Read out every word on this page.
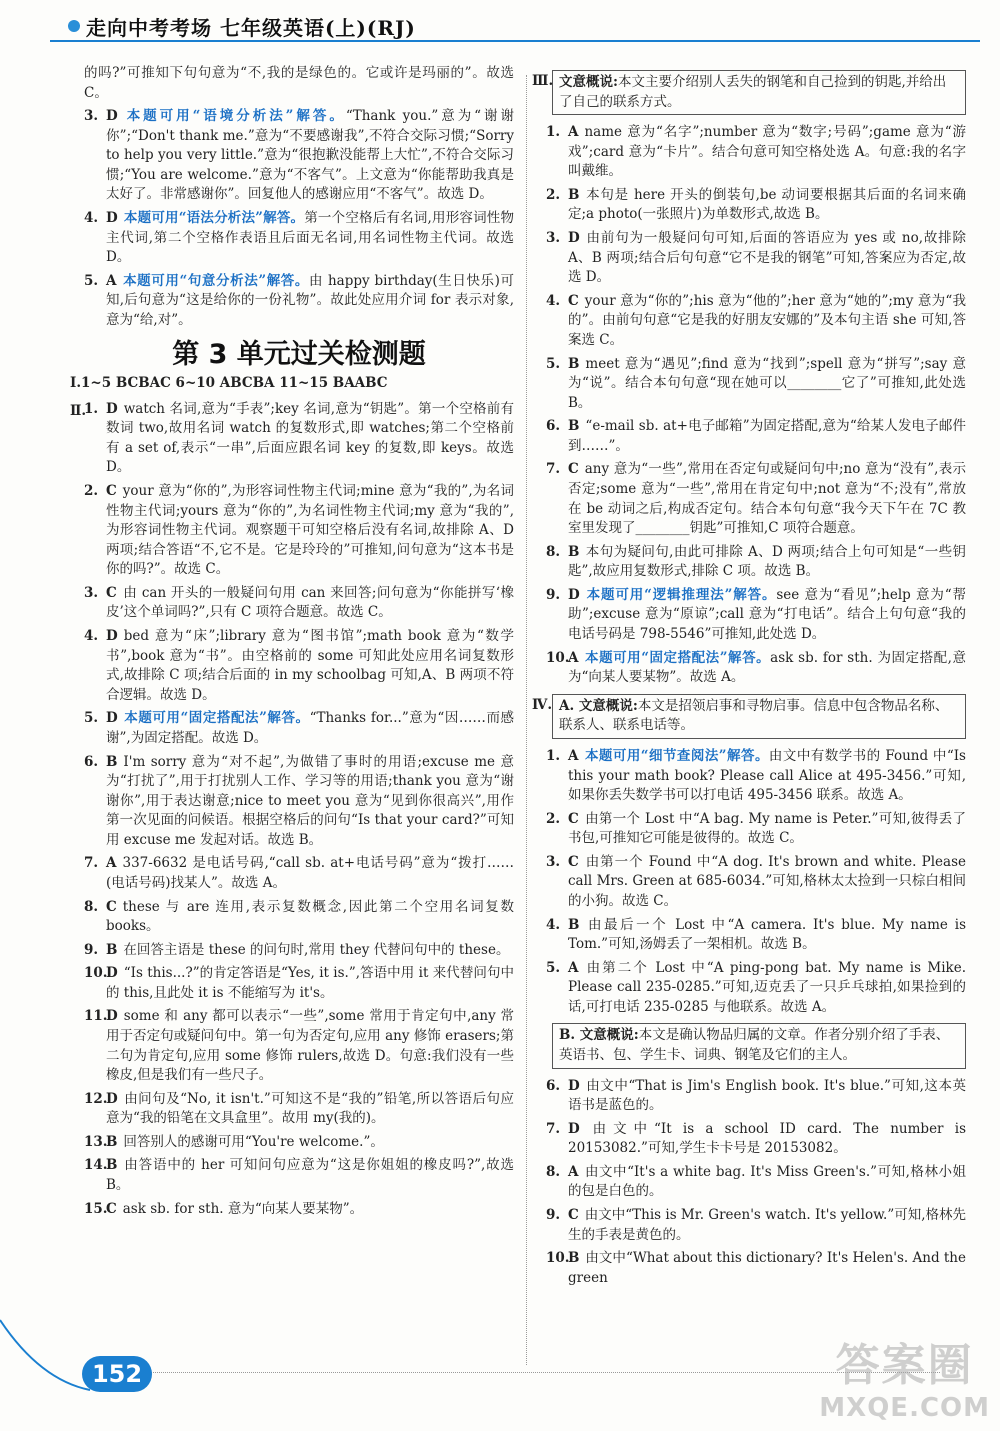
走向中考考场 七年级英语(上)(RJ)

的吗?”可推知下句句意为“不,我的是绿色的。它或许是玛丽的”。故选 C。

3. D 本题可用“语境分析法”解答。“Thank you.”意为“谢谢你”;“Don't thank me.”意为“不要感谢我”,不符合交际习惯;“Sorry to help you very little.”意为“很抱歉没能帮上大忙”,不符合交际习惯;“You are welcome.”意为“不客气”。上文意为“你能帮助我真是太好了。非常感谢你”。回复他人的感谢应用“不客气”。故选 D。
4. D 本题可用“语法分析法”解答。第一个空格后有名词,用形容词性物主代词,第二个空格作表语且后面无名词,用名词性物主代词。故选 D。
5. A 本题可用“句意分析法”解答。由 happy birthday(生日快乐)可知,后句意为“这是给你的一份礼物”。故此处应用介词 for 表示对象,意为“给,对”。
第 3 单元过关检测题
Ⅰ.1~5 BCBAC 6~10 ABCBA 11~15 BAABC
Ⅱ.
1. D watch 名词,意为“手表”;key 名词,意为“钥匙”。第一个空格前有数词 two,故用名词 watch 的复数形式,即 watches;第二个空格前有 a set of,表示“一串”,后面应跟名词 key 的复数,即 keys。故选 D。
2. C your 意为“你的”,为形容词性物主代词;mine 意为“我的”,为名词性物主代词;yours 意为“你的”,为名词性物主代词;my 意为“我的”,为形容词性物主代词。观察题干可知空格后没有名词,故排除 A、D 两项;结合答语“不,它不是。它是玲玲的”可推知,问句意为“这本书是你的吗?”。故选 C。
3. C 由 can 开头的一般疑问句用 can 来回答;问句意为“你能拼写‘橡皮’这个单词吗?”,只有 C 项符合题意。故选 C。
4. D bed 意为“床”;library 意为“图书馆”;math book 意为“数学书”,book 意为“书”。由空格前的 some 可知此处应用名词复数形式,故排除 C 项;结合后面的 in my schoolbag 可知,A、B 两项不符合逻辑。故选 D。
5. D 本题可用“固定搭配法”解答。“Thanks for...”意为“因……而感谢”,为固定搭配。故选 D。
6. B I'm sorry 意为“对不起”,为做错了事时的用语;excuse me 意为“打扰了”,用于打扰别人工作、学习等的用语;thank you 意为“谢谢你”,用于表达谢意;nice to meet you 意为“见到你很高兴”,用作第一次见面的问候语。根据空格后的问句“Is that your card?”可知用 excuse me 发起对话。故选 B。
7. A 337-6632 是电话号码,“call sb. at+电话号码”意为“拨打……(电话号码)找某人”。故选 A。
8. C these 与 are 连用,表示复数概念,因此第二个空用名词复数 books。
9. B 在回答主语是 these 的问句时,常用 they 代替问句中的 these。
10.
D “Is this...?”的肯定答语是“Yes, it is.”,答语中用 it 来代替问句中的 this,且此处 it is 不能缩写为 it's。
11.
D some 和 any 都可以表示“一些”,some 常用于肯定句中,any 常用于否定句或疑问句中。第一句为否定句,应用 any 修饰 erasers;第二句为肯定句,应用 some 修饰 rulers,故选 D。句意:我们没有一些橡皮,但是我们有一些尺子。
12.
D 由问句及“No, it isn't.”可知这不是“我的”铅笔,所以答语后句应意为“我的铅笔在文具盒里”。故用 my(我的)。
13.
B 回答别人的感谢可用“You're welcome.”。
14.
B 由答语中的 her 可知问句应意为“这是你姐姐的橡皮吗?”,故选 B。
15.
C ask sb. for sth. 意为“向某人要某物”。
Ⅲ. 文意概说:本文主要介绍别人丢失的钢笔和自己捡到的钥匙,并给出了自己的联系方式。
1. A name 意为“名字”;number 意为“数字;号码”;game 意为“游戏”;card 意为“卡片”。结合句意可知空格处选 A。句意:我的名字叫戴维。
2. B 本句是 here 开头的倒装句,be 动词要根据其后面的名词来确定;a photo(一张照片)为单数形式,故选 B。
3. D 由前句为一般疑问句可知,后面的答语应为 yes 或 no,故排除 A、B 两项;结合后句句意“它不是我的钢笔”可知,答案应为否定,故选 D。
4. C your 意为“你的”;his 意为“他的”;her 意为“她的”;my 意为“我的”。由前句句意“它是我的好朋友安娜的”及本句主语 she 可知,答案选 C。
5. B meet 意为“遇见”;find 意为“找到”;spell 意为“拼写”;say 意为“说”。结合本句句意“现在她可以________它了”可推知,此处选 B。
6. B “e-mail sb. at+电子邮箱”为固定搭配,意为“给某人发电子邮件到……”。
7. C any 意为“一些”,常用在否定句或疑问句中;no 意为“没有”,表示否定;some 意为“一些”,常用在肯定句中;not 意为“不;没有”,常放在 be 动词之后,构成否定句。结合本句句意“我今天下午在 7C 教室里发现了________钥匙”可推知,C 项符合题意。
8. B 本句为疑问句,由此可排除 A、D 两项;结合上句可知是“一些钥匙”,故应用复数形式,排除 C 项。故选 B。
9. D 本题可用“逻辑推理法”解答。see 意为“看见”;help 意为“帮助”;excuse 意为“原谅”;call 意为“打电话”。结合上句句意“我的电话号码是 798-5546”可推知,此处选 D。
10.
A 本题可用“固定搭配法”解答。ask sb. for sth. 为固定搭配,意为“向某人要某物”。故选 A。
Ⅳ. A. 文意概说:本文是招领启事和寻物启事。信息中包含物品名称、联系人、联系电话等。
1. A 本题可用“细节查阅法”解答。由文中有数学书的 Found 中“Is this your math book? Please call Alice at 495-3456.”可知,如果你丢失数学书可以打电话 495-3456 联系。故选 A。
2. C 由第一个 Lost 中“A bag. My name is Peter.”可知,彼得丢了书包,可推知它可能是彼得的。故选 C。
3. C 由第一个 Found 中“A dog. It's brown and white. Please call Mrs. Green at 685-6034.”可知,格林太太捡到一只棕白相间的小狗。故选 C。
4. B 由最后一个 Lost 中“A camera. It's blue. My name is Tom.”可知,汤姆丢了一架相机。故选 B。
5. A 由第二个 Lost 中“A ping-pong bat. My name is Mike. Please call 235-0285.”可知,迈克丢了一只乒乓球拍,如果捡到的话,可打电话 235-0285 与他联系。故选 A。
B. 文意概说:本文是确认物品归属的文章。作者分别介绍了手表、英语书、包、学生卡、词典、钢笔及它们的主人。
6. D 由文中“That is Jim's English book. It's blue.”可知,这本英语书是蓝色的。
7. D 由文中“It is a school ID card. The number is 20153082.”可知,学生卡卡号是 20153082。
8. A 由文中“It's a white bag. It's Miss Green's.”可知,格林小姐的包是白色的。
9. C 由文中“This is Mr. Green's watch. It's yellow.”可知,格林先生的手表是黄色的。
10.
B 由文中“What about this dictionary? It's Helen's. And the green
152	答案圈
MXQE.COM
